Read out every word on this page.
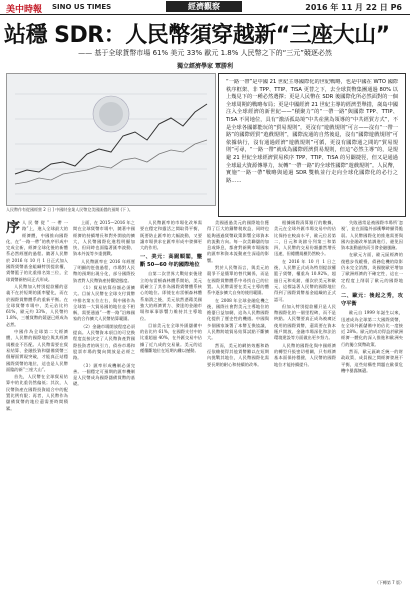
美中時報 SINO US TIMES	經濟觀察	2016 年 11 月 22 日 P6
站穩 SDR：人民幣須穿越新“三座大山”
—— 基于全球貨幣市場 61% 美元 33% 歐元 1.8% 人民幣之下的“三元”競逐必然
獨立經濟學家 覃勝利
人民幣作有從國經營 2 日 ] 中國財金業人民幣兌美國匯價的預期 (下 )。
“一路一帶”是中國 21 世紀主導國際化的世紀戰略，也是中國在 WTO 國際秩序框架、非 TPP、TTIP、TiSA 更替之下，去全球貨幣集團通過 80% 以上幾見下的一種必然選擇；更是人民幣在 SDR 後國際化所必然面對的一個全球周期的戰略布局；更是中國經濟 21 世紀主導的經濟型舉措，歲島中國注入全球經濟的新世紀——“積聚力”的“一帶一路”與國際 TPP、TTIP、TiSA 不同地位，具有“激活孤島境”中共産黨為領導的“中共經貿方式”，不是全球各國都能玩的“貿易規則”，更沒有“遊戲規則”可言——沒有“一帶一路”的國際經貿“遊戲規則”，國際流通的自然後退，沒有“國際遊戲規則”可依據執行，沒有通過經濟“遊戲規則”可循，更沒有國際通之間的“貿易規則”可尋，“一路一帶”就成為國際經濟貿易規則，但這“必然主導”的，是規避 21 世紀全球經濟貿易秩序 TPP、TTIP、TiSA 的另闢捷徑，但又是通過全球最大資源傳導力，玩轉“一帶一路”的全球性國際“遊戲規則”。人民幣，實施“一路一帶”戰略與通過 SDR 雙軌並行走向全球化國際化的必行之路……

序人民幣從“一帶一路”上，進入全球最大的經濟體，中國推向國際化，在“一路一帶”的秩序形成中完成全新，經濟全球化後的新體系必然經歷的過程。隨著人民幣於 2016 年 10 月 1 日正式加入國際貨幣基金組織特別提款權，貨幣籃子的比重排名第三位，全球貨幣新格局正式形成。

人民幣加入特別提款權的意義不在於短期的匯率變化，而在於國際貨幣體系的重新平衡。在全球貨幣市場中，美元佔比約 61%，歐元約 33%，人民幣約 1.8%，三種貨幣的競逐已經成為必然。

中國作為全球第二大經濟體，人民幣的國際地位與其經濟規模並不匹配。人民幣需要在貿易結算、金融投資和儲備貨幣三個層面實現突破，才能真正站穩國際貨幣的地位，這也是人民幣面臨的新“三座大山”。

首先，人民幣在全球貿易結算中的比重仍然偏低；其次，人民幣資產在國際投資組合中的配置比例有限；再者，人民幣作為儲備貨幣的地位還需要時間積累。

上面，在 2015—2016 年之間在全球貨幣市場中，隨著中國經濟的持續增長和對外開放的擴大，人民幣國際化進程明顯加快，但同時也面臨著匯率波動、資本外流等多重挑戰。

人民幣匯率在 2016 年經歷了明顯的貶值過程，市場對人民幣的預期出現分化，部分國際投資者對人民幣資產持觀望態度。

（1）貿易結算份額必須擴大。目前人民幣在全球支付貨幣中排名第五位左右，與中國作為全球第一大貿易國的地位並不相稱，需要通過“一帶一路”沿線國家的合作擴大人民幣結算範圍。

（2）金融市場開放程度必須提高。人民幣資本項目的可兌換程度直接決定了人民幣資產對國際投資者的吸引力，債券市場和股票市場的雙向開放是必經之路。

（3）匯率形成機制必須完善。一個穩定可預期的匯率機制是人民幣成為國際儲備貨幣的基礎。

人民幣匯率的市場化改革需要在穩定和靈活之間取得平衡，既要防止匯率的大幅波動，又要讓市場供求在匯率形成中發揮更大的作用。

一、美元：高踞順閣，壟斷 50—60 年的國際地位

自第二次世界大戰結束後建立的布雷頓森林體系開始，美元就確立了其作為國際貨幣體系核心的地位。即使在布雷頓森林體系崩潰之後，美元依然憑藉美國強大的經濟實力、發達的金融市場和軍事影響力維持其主導地位。

目前美元在全球外匯儲備中的佔比約 61%，在國際支付中的比重超過 40%，在外匯交易中佔據了近九成的交易量。美元的這種壟斷地位在短期內難以撼動。

美國通過美元的國際地位獲得了巨大的鑄幣稅收益，同時也能夠通過貨幣政策影響全球資本的流動方向。每一次美聯儲的加息或降息，都會對新興市場國家的匯率和資本流動產生深遠的影響。

對於人民幣而言，與美元的競爭不是簡單的替代關係，而是在國際貨幣體系中尋找自己的位置。人民幣需要在美元主導的體系中逐步擴大自身的使用範圍。

在 2008 年全球金融危機之後，國際社會對美元主導地位的擔憂日益加劇，這為人民幣國際化提供了歷史性的機遇。中國與多個國家簽署了本幣互換協議，人民幣跨境貿易結算試點不斷擴大。

然而，美元的網絡效應和路徑依賴使得其他貨幣難以在短期內挑戰其地位，人民幣國際化需要長期的耐心和持續的改革。

根據國際清算銀行的數據，美元在全球外匯市場交易中的佔比保持在較高水平，歐元位居第二，日元和英鎊分列第三和第四，人民幣的交易份額雖然增長迅速，但總體規模仍然較小。

在 2016 年 10 月 1 日之後，人民幣正式成為特別提款權籃子貨幣，權重為 10.92%，超過日元和英鎊，僅次於美元和歐元，這標誌著人民幣的國際地位得到了國際貨幣基金組織的正式認可。

但加入特別提款權只是人民幣國際化的一個里程碑，而不是終點。人民幣要真正成為被廣泛使用的國際貨幣，還需要在資本賬戶開放、金融市場深化和法治環境建設等方面做出更多努力。

人民幣的國際化與中國經濟的轉型升級密切相關，只有經濟基本面保持穩健，人民幣的國際地位才能持續提升。

失敗通常是被國際市場所‘忽視’，並在面臨外部衝擊時顯得脆弱。人民幣國際化的推進需要與國內金融改革協調進行，避免因資本流動過快而引發金融風險。

在歐元方面，歐元區經濟的復甦步伐緩慢，債務危機的陰影仍未完全消散，英國脫歐更增加了歐洲經濟的不確定性，這在一定程度上削弱了歐元的國際地位。

二、歐元：後起之秀，攻守平衡

歐元自 1999 年誕生以來，迅速成為全球第二大國際貨幣，在全球外匯儲備中的佔比一度接近 28%。歐元的成功得益於歐洲經濟一體化的深入推進和歐洲央行的獨立貨幣政策。

然而，歐元區缺乏統一的財政政策，成員國之間經濟發展不平衡，這些結構性問題在歐債危機中暴露無遺。

（下轉第 7 版）
